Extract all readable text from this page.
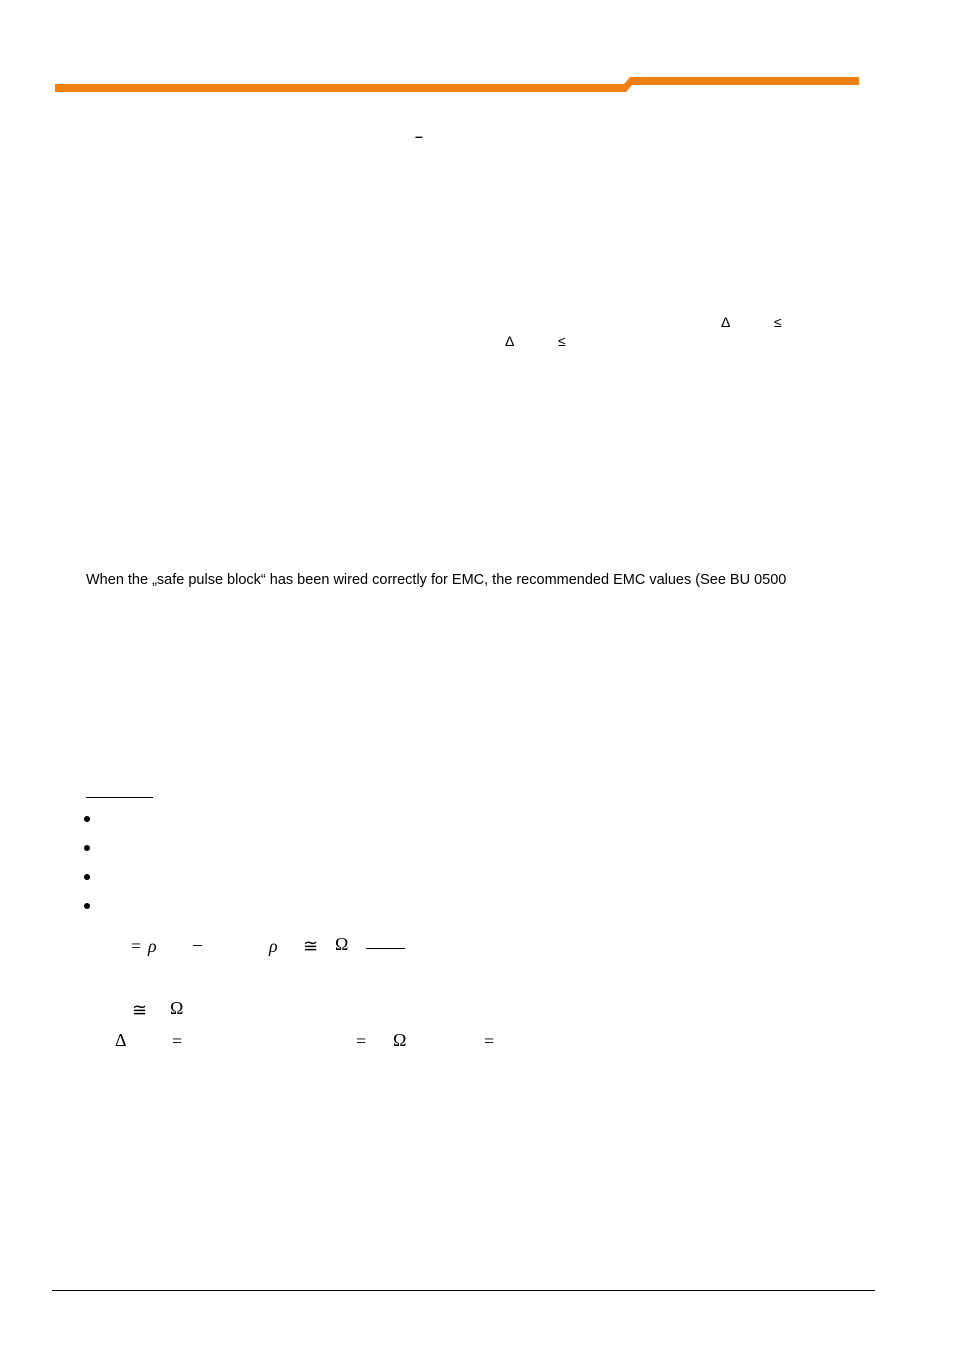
–
Δ	≤
Δ	≤
When the „safe pulse block“ has been wired correctly for EMC, the recommended EMC values (See BU 0500
= ρ –	ρ ≅ Ω
≅ Ω
Δ	=	= Ω	=
